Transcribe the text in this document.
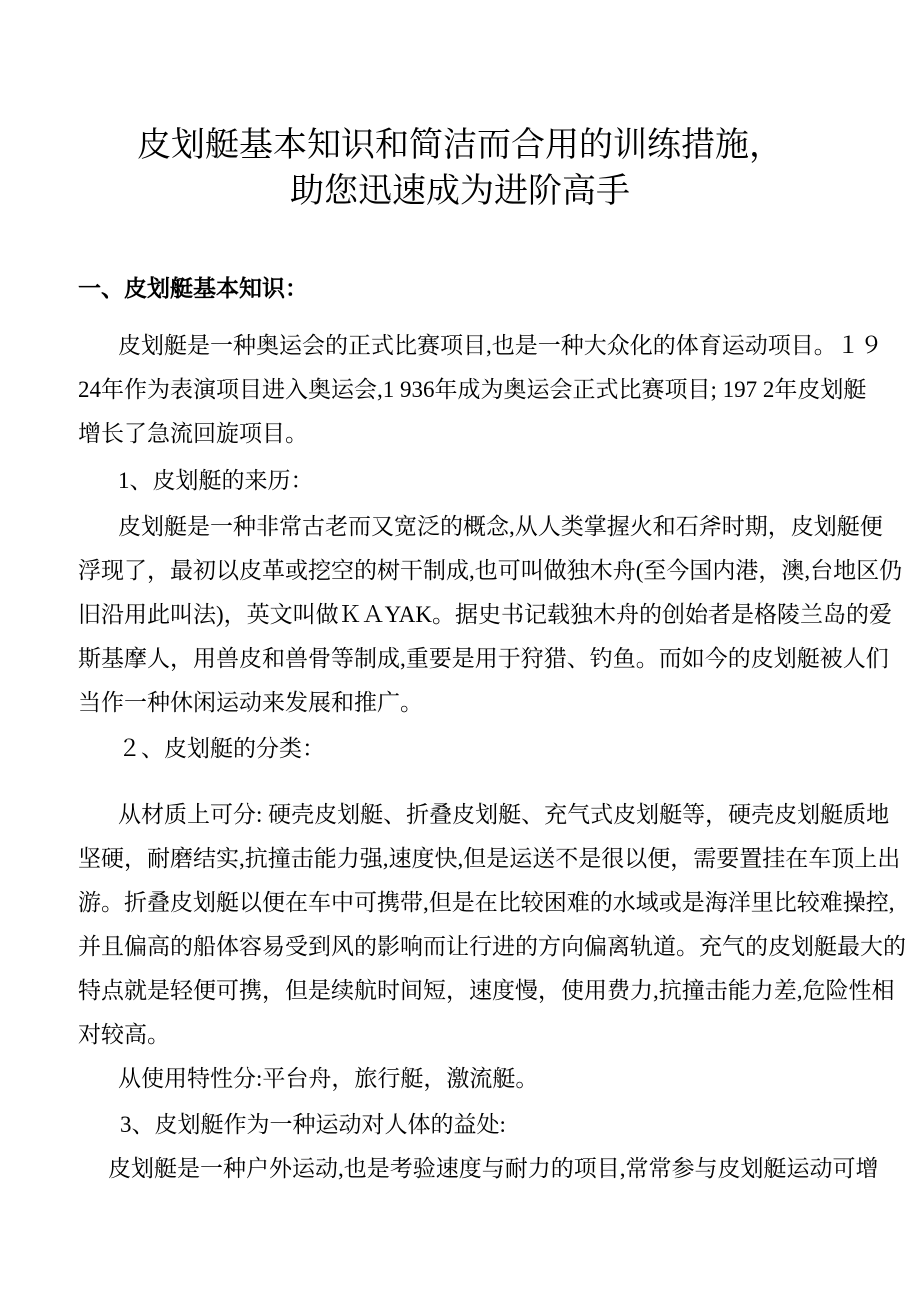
皮划艇基本知识和简洁而合用的训练措施，
助您迅速成为进阶高手
一、皮划艇基本知识：
皮划艇是一种奥运会的正式比赛项目,也是一种大众化的体育运动项目。１９
24年作为表演项目进入奥运会,1 936年成为奥运会正式比赛项目; 197 2年皮划艇
增长了急流回旋项目。
1、皮划艇的来历：
皮划艇是一种非常古老而又宽泛的概念,从人类掌握火和石斧时期，皮划艇便
浮现了，最初以皮革或挖空的树干制成,也可叫做独木舟(至今国内港，澳,台地区仍
旧沿用此叫法)，英文叫做ＫＡYAK。据史书记载独木舟的创始者是格陵兰岛的爱
斯基摩人，用兽皮和兽骨等制成,重要是用于狩猎、钓鱼。而如今的皮划艇被人们
当作一种休闲运动来发展和推广。
２、皮划艇的分类：
从材质上可分: 硬壳皮划艇、折叠皮划艇、充气式皮划艇等，硬壳皮划艇质地
坚硬，耐磨结实,抗撞击能力强,速度快,但是运送不是很以便，需要置挂在车顶上出
游。折叠皮划艇以便在车中可携带,但是在比较困难的水域或是海洋里比较难操控,
并且偏高的船体容易受到风的影响而让行进的方向偏离轨道。充气的皮划艇最大的
特点就是轻便可携，但是续航时间短，速度慢，使用费力,抗撞击能力差,危险性相
对较高。
从使用特性分:平台舟，旅行艇，激流艇。
3、皮划艇作为一种运动对人体的益处:
皮划艇是一种户外运动,也是考验速度与耐力的项目,常常参与皮划艇运动可增
